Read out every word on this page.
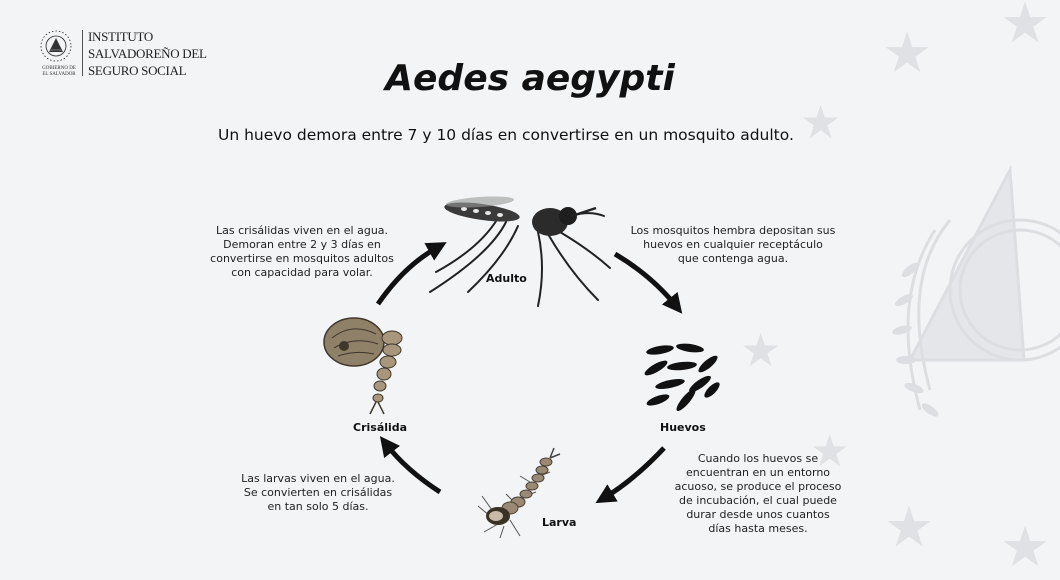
★ ★
★
★
★
★ ★
GOBIERNO DE
EL SALVADOR
INSTITUTO
SALVADOREÑO DEL
SEGURO SOCIAL	Aedes aegypti
Un huevo demora entre 7 y 10 días en convertirse en un mosquito adulto.
Adulto
Huevos
Larva
Crisálida
Las crisálidas viven en el agua.
Demoran entre 2 y 3 días en
convertirse en mosquitos adultos
con capacidad para volar.
Los mosquitos hembra depositan sus
huevos en cualquier receptáculo
que contenga agua.
Cuando los huevos se
encuentran en un entorno
acuoso, se produce el proceso
de incubación, el cual puede
durar desde unos cuantos
días hasta meses.
Las larvas viven en el agua.
Se convierten en crisálidas
en tan solo 5 días.
